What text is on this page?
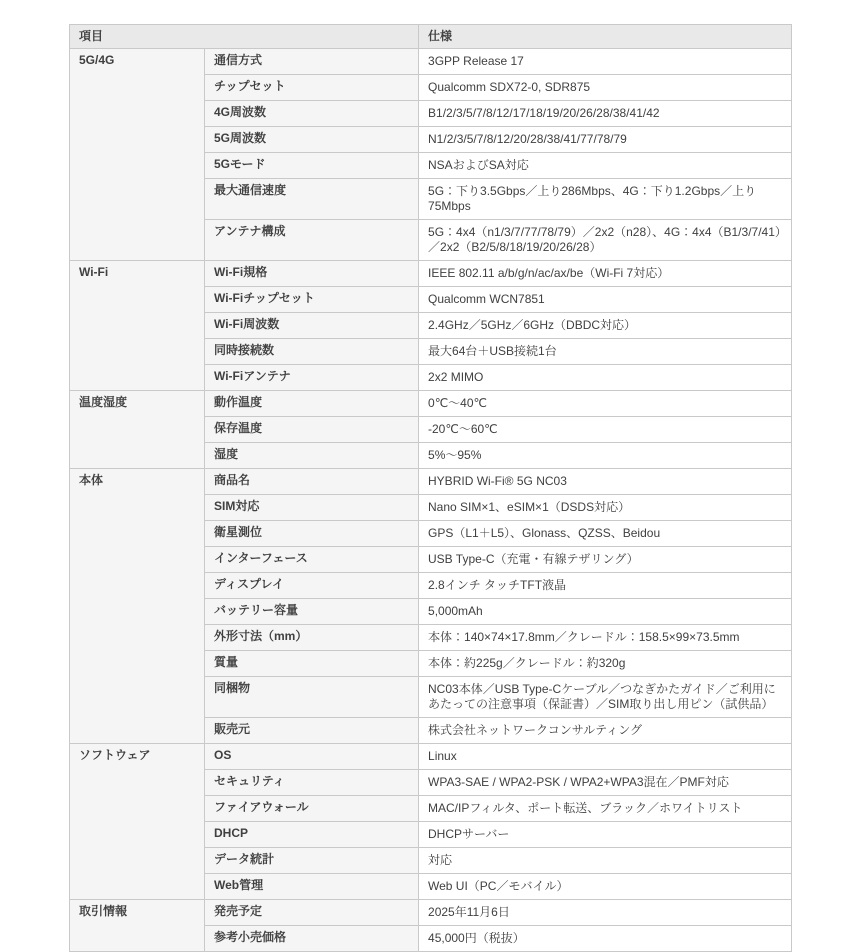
項目		仕様
5G/4G	通信方式	3GPP Release 17
	チップセット	Qualcomm SDX72-0, SDR875
	4G周波数	B1/2/3/5/7/8/12/17/18/19/20/26/28/38/41/42
	5G周波数	N1/2/3/5/7/8/12/20/28/38/41/77/78/79
	5Gモード	NSAおよびSA対応
	最大通信速度	5G：下り3.5Gbps／上り286Mbps、4G：下り1.2Gbps／上り75Mbps
	アンテナ構成	5G：4x4（n1/3/7/77/78/79）／2x2（n28）、4G：4x4（B1/3/7/41）／2x2（B2/5/8/18/19/20/26/28）
Wi-Fi	Wi-Fi規格	IEEE 802.11 a/b/g/n/ac/ax/be（Wi-Fi 7対応）
	Wi-Fiチップセット	Qualcomm WCN7851
	Wi-Fi周波数	2.4GHz／5GHz／6GHz（DBDC対応）
	同時接続数	最大64台＋USB接続1台
	Wi-Fiアンテナ	2x2 MIMO
温度湿度	動作温度	0℃～40℃
	保存温度	-20℃～60℃
	湿度	5%～95%
本体	商品名	HYBRID Wi-Fi® 5G NC03
	SIM対応	Nano SIM×1、eSIM×1（DSDS対応）
	衛星測位	GPS（L1＋L5）、Glonass、QZSS、Beidou
	インターフェース	USB Type-C（充電・有線テザリング）
	ディスプレイ	2.8インチ タッチTFT液晶
	バッテリー容量	5,000mAh
	外形寸法（mm）	本体：140×74×17.8mm／クレードル：158.5×99×73.5mm
	質量	本体：約225g／クレードル：約320g
	同梱物	NC03本体／USB Type-Cケーブル／つなぎかたガイド／ご利用にあたっての注意事項（保証書）／SIM取り出し用ピン（試供品）
	販売元	株式会社ネットワークコンサルティング
ソフトウェア	OS	Linux
	セキュリティ	WPA3-SAE / WPA2-PSK / WPA2+WPA3混在／PMF対応
	ファイアウォール	MAC/IPフィルタ、ポート転送、ブラック／ホワイトリスト
	DHCP	DHCPサーバー
	データ統計	対応
	Web管理	Web UI（PC／モバイル）
取引情報	発売予定	2025年11月6日
	参考小売価格	45,000円（税抜）
